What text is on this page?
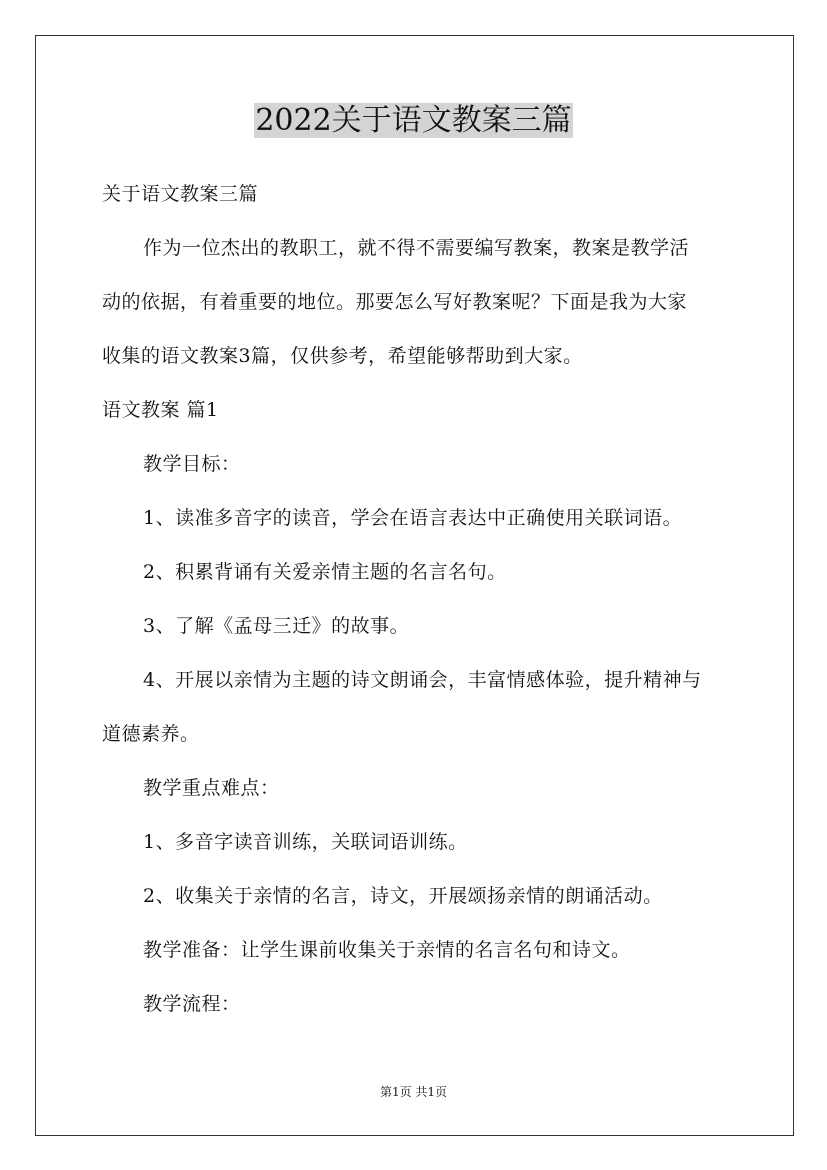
2022关于语文教案三篇
关于语文教案三篇
作为一位杰出的教职工，就不得不需要编写教案，教案是教学活
动的依据，有着重要的地位。那要怎么写好教案呢？下面是我为大家
收集的语文教案3篇，仅供参考，希望能够帮助到大家。
语文教案 篇1
教学目标：
1、读准多音字的读音，学会在语言表达中正确使用关联词语。
2、积累背诵有关爱亲情主题的名言名句。
3、了解《孟母三迁》的故事。
4、开展以亲情为主题的诗文朗诵会，丰富情感体验，提升精神与
道德素养。
教学重点难点：
1、多音字读音训练，关联词语训练。
2、收集关于亲情的名言，诗文，开展颂扬亲情的朗诵活动。
教学准备：让学生课前收集关于亲情的名言名句和诗文。
教学流程：
第1页 共1页
